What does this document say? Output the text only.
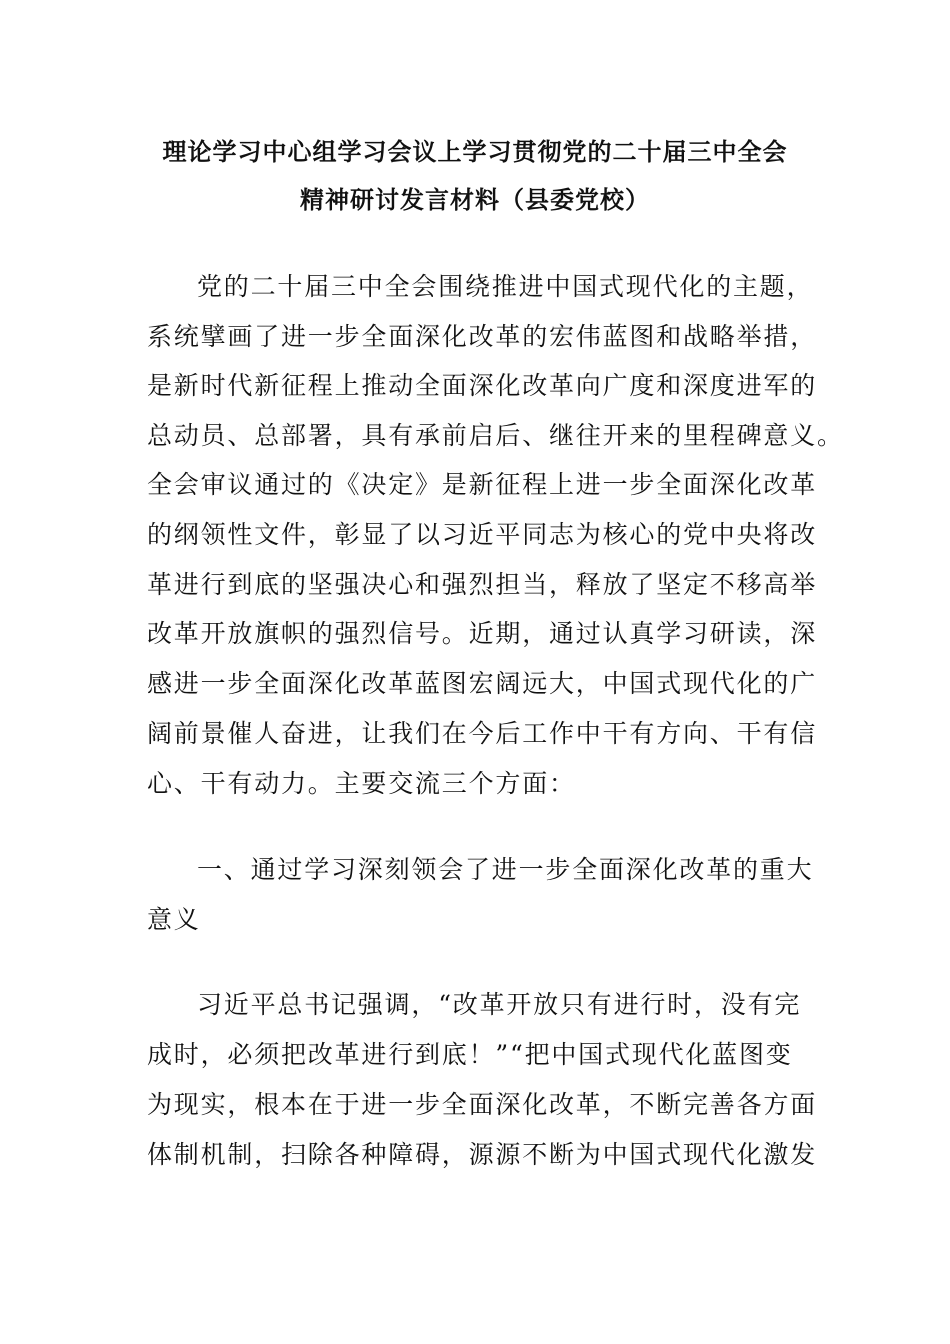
理论学习中心组学习会议上学习贯彻党的二十届三中全会
精神研讨发言材料（县委党校）
党的二十届三中全会围绕推进中国式现代化的主题，
系统擘画了进一步全面深化改革的宏伟蓝图和战略举措，
是新时代新征程上推动全面深化改革向广度和深度进军的
总动员、总部署，具有承前启后、继往开来的里程碑意义。
全会审议通过的《决定》是新征程上进一步全面深化改革
的纲领性文件，彰显了以习近平同志为核心的党中央将改
革进行到底的坚强决心和强烈担当，释放了坚定不移高举
改革开放旗帜的强烈信号。近期，通过认真学习研读，深
感进一步全面深化改革蓝图宏阔远大，中国式现代化的广
阔前景催人奋进，让我们在今后工作中干有方向、干有信
心、干有动力。主要交流三个方面：
一、通过学习深刻领会了进一步全面深化改革的重大
意义
习近平总书记强调，“改革开放只有进行时，没有完
成时，必须把改革进行到底！”“把中国式现代化蓝图变
为现实，根本在于进一步全面深化改革，不断完善各方面
体制机制，扫除各种障碍，源源不断为中国式现代化激发
